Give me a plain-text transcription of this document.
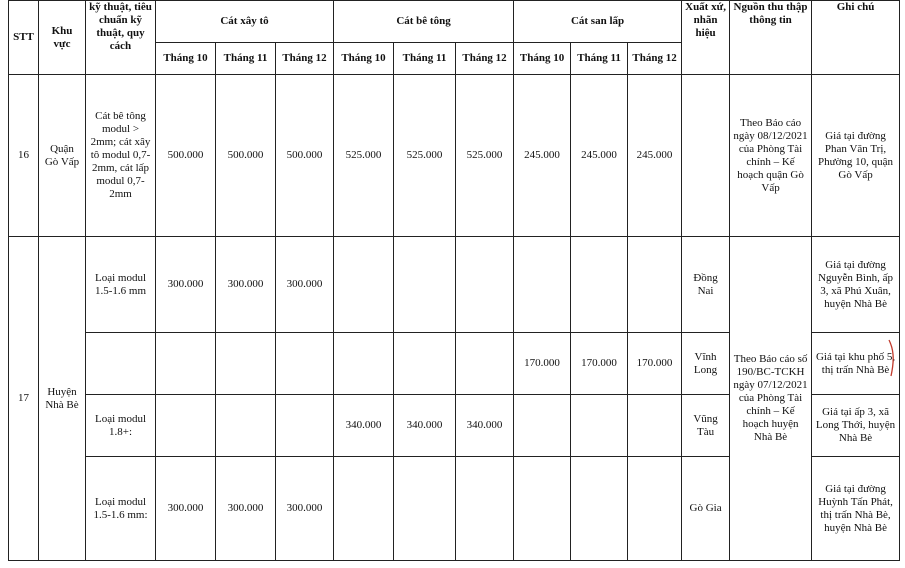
STT	Khu vực	kỹ thuật, tiêu chuẩn kỹ thuật, quy cách	Cát xây tô			Cát bê tông			Cát san lấp			Xuất xứ, nhãn hiệu	Nguồn thu thập thông tin	Ghi chú
			Tháng 10	Tháng 11	Tháng 12	Tháng 10	Tháng 11	Tháng 12	Tháng 10	Tháng 11	Tháng 12			
16	Quận Gò Vấp	Cát bê tông modul > 2mm; cát xây tô modul 0,7-2mm, cát lấp modul 0,7-2mm	500.000	500.000	500.000	525.000	525.000	525.000	245.000	245.000	245.000		Theo Báo cáo ngày 08/12/2021 của Phòng Tài chính – Kế hoạch quận Gò Vấp	Giá tại đường Phan Văn Trị, Phường 10, quận Gò Vấp
17	Huyện Nhà Bè	Loại modul 1.5-1.6 mm	300.000	300.000	300.000							Đồng Nai	Theo Báo cáo số 190/BC-TCKH ngày 07/12/2021 của Phòng Tài chính – Kế hoạch huyện Nhà Bè	Giá tại đường Nguyễn Bình, ấp 3, xã Phú Xuân, huyện Nhà Bè
									170.000	170.000	170.000	Vĩnh Long		Giá tại khu phố 5, thị trấn Nhà Bè
		Loại modul 1.8+:				340.000	340.000	340.000				Vũng Tàu		Giá tại ấp 3, xã Long Thới, huyện Nhà Bè
		Loại modul 1.5-1.6 mm:	300.000	300.000	300.000							Gò Gia		Giá tại đường Huỳnh Tấn Phát, thị trấn Nhà Bè, huyện Nhà Bè
